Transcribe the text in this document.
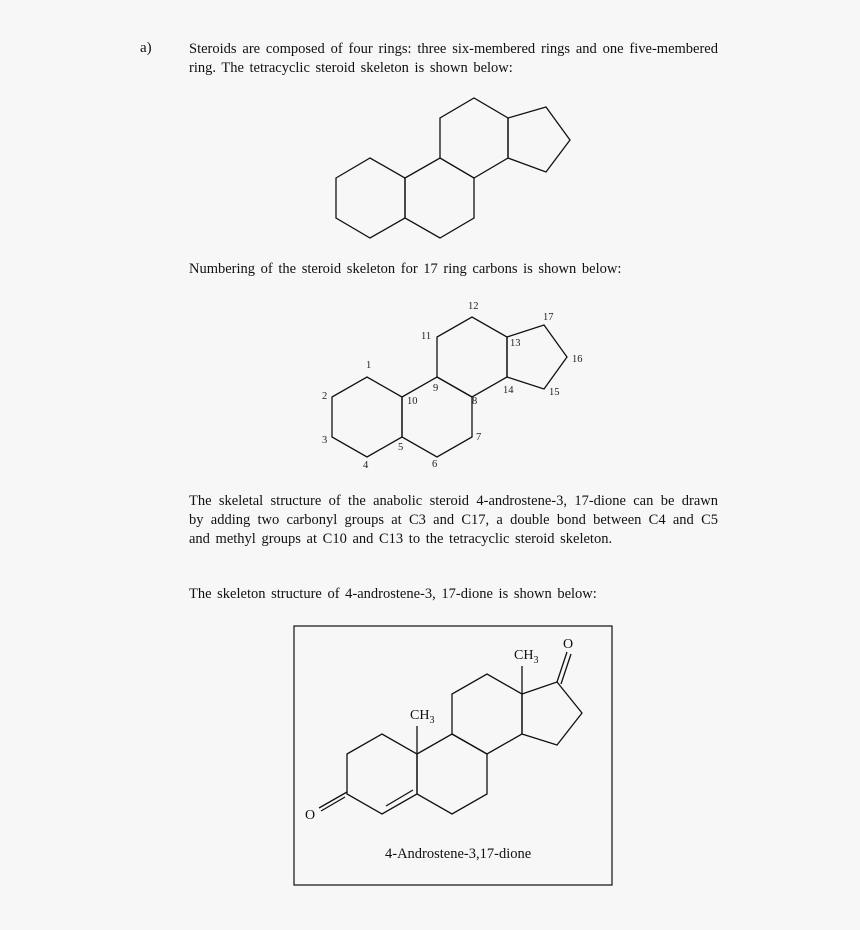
a)	Steroids are composed of four rings: three six-membered rings and one five-membered ring. The tetracyclic steroid skeleton is shown below:
Numbering of the steroid skeleton for 17 ring carbons is shown below:
The skeletal structure of the anabolic steroid 4-androstene-3, 17-dione can be drawn by adding two carbonyl groups at C3 and C17, a double bond between C4 and C5 and methyl groups at C10 and C13 to the tetracyclic steroid skeleton.
The skeleton structure of 4-androstene-3, 17-dione is shown below:
1
2
3
4
5
6
7
8
9
10
11
12
13
14	15
16
17
O
O
$CH_3$
$CH_3$
4-Androstene-3,17-dione
